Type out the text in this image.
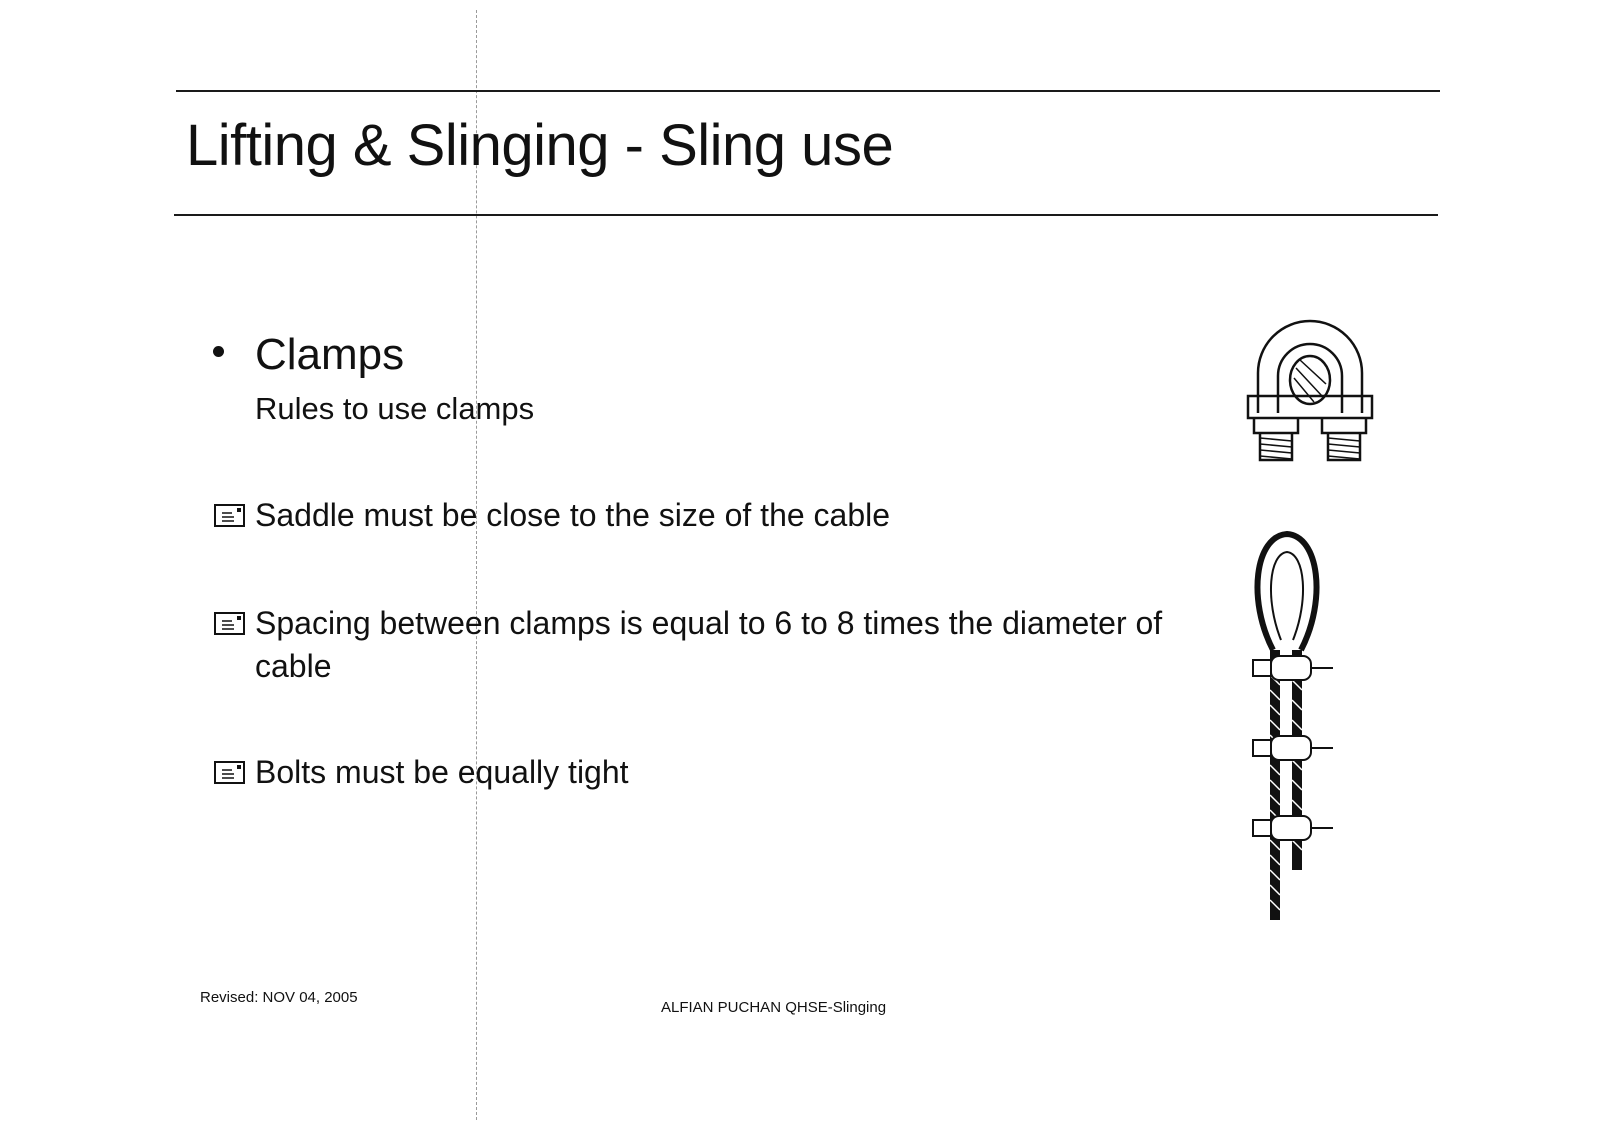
Lifting & Slinging - Sling use
Clamps
Rules to use clamps
Saddle must be close to the size of the cable
Spacing between clamps is equal to 6 to 8 times the diameter of cable
Bolts must be equally tight
Revised: NOV 04, 2005
ALFIAN PUCHAN QHSE-Slinging
